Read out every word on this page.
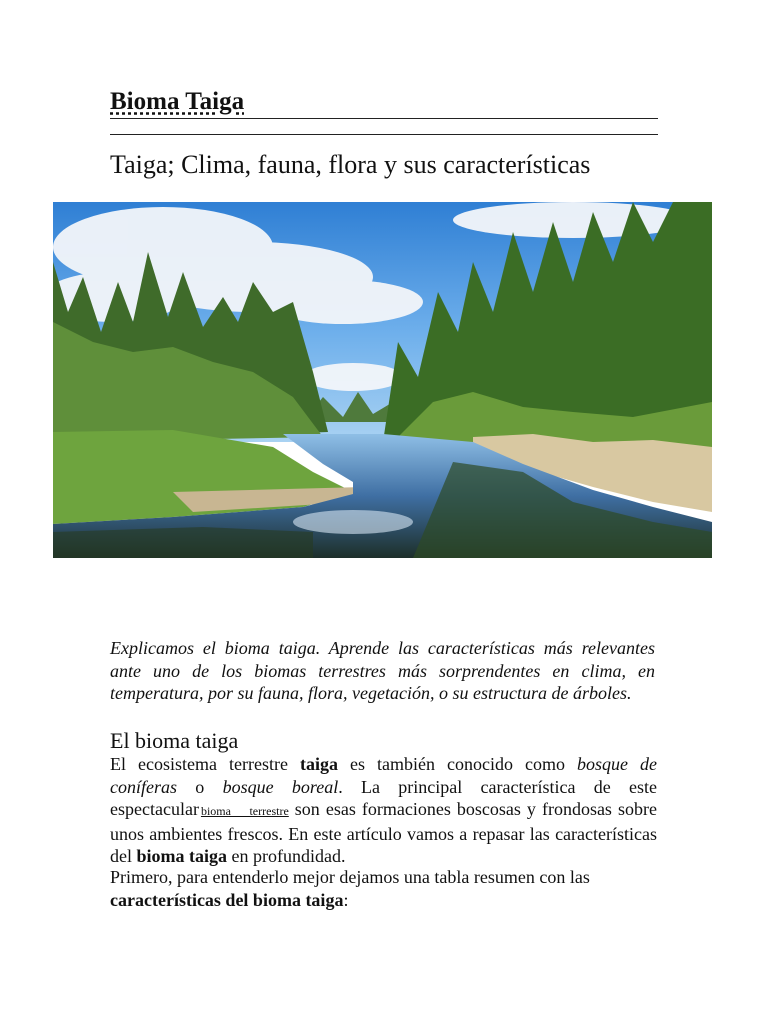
Bioma Taiga
Taiga; Clima, fauna, flora y sus características

Explicamos el bioma taiga. Aprende las características más relevantes ante uno de los biomas terrestres más sorprendentes en clima, en temperatura, por su fauna, flora, vegetación, o su estructura de árboles.

El bioma taiga

El ecosistema terrestre taiga es también conocido como bosque de coníferas o bosque boreal. La principal característica de este espectacular bioma terrestre son esas formaciones boscosas y frondosas sobre unos ambientes frescos. En este artículo vamos a repasar las características del bioma taiga en profundidad.

Primero, para entenderlo mejor dejamos una tabla resumen con las características del bioma taiga:
